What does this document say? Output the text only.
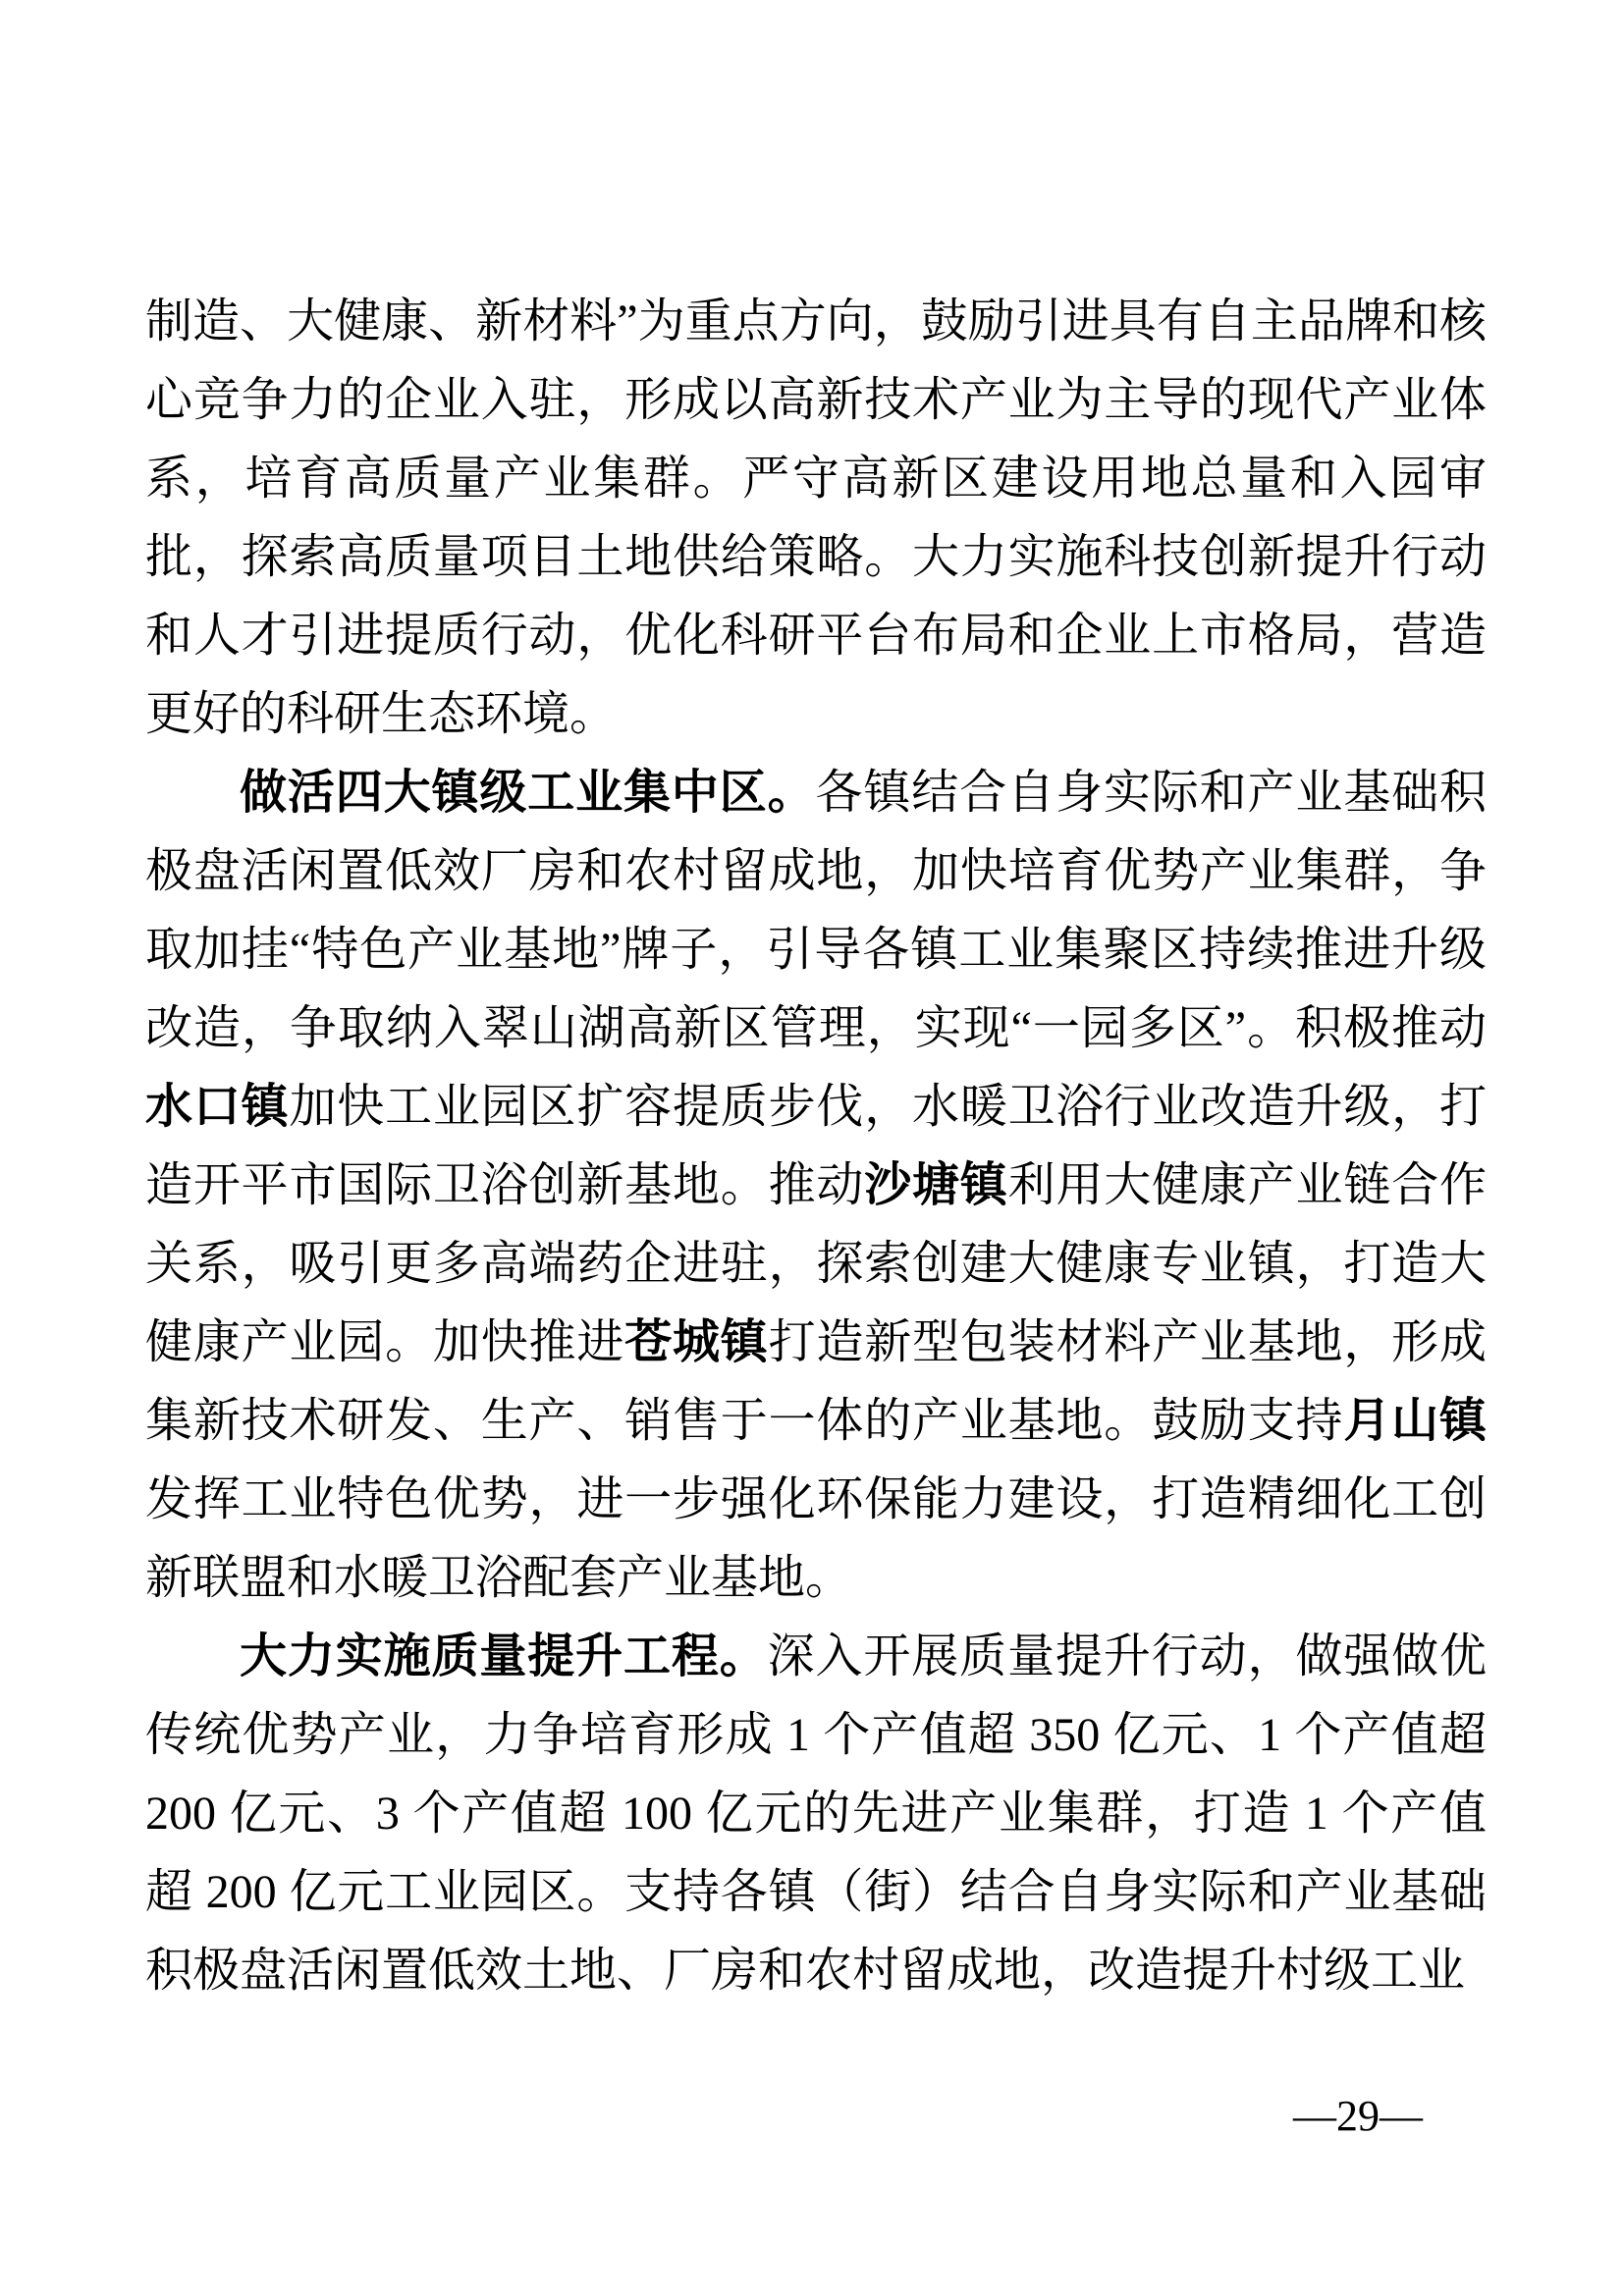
制造、大健康、新材料”为重点方向，鼓励引进具有自主品牌和核心竞争力的企业入驻，形成以高新技术产业为主导的现代产业体系，培育高质量产业集群。严守高新区建设用地总量和入园审批，探索高质量项目土地供给策略。大力实施科技创新提升行动和人才引进提质行动，优化科研平台布局和企业上市格局，营造更好的科研生态环境。

做活四大镇级工业集中区。各镇结合自身实际和产业基础积极盘活闲置低效厂房和农村留成地，加快培育优势产业集群，争取加挂“特色产业基地”牌子，引导各镇工业集聚区持续推进升级改造，争取纳入翠山湖高新区管理，实现“一园多区”。积极推动水口镇加快工业园区扩容提质步伐，水暖卫浴行业改造升级，打造开平市国际卫浴创新基地。推动沙塘镇利用大健康产业链合作关系，吸引更多高端药企进驻，探索创建大健康专业镇，打造大健康产业园。加快推进苍城镇打造新型包装材料产业基地，形成集新技术研发、生产、销售于一体的产业基地。鼓励支持月山镇发挥工业特色优势，进一步强化环保能力建设，打造精细化工创新联盟和水暖卫浴配套产业基地。

大力实施质量提升工程。深入开展质量提升行动，做强做优传统优势产业，力争培育形成 1 个产值超 350 亿元、1 个产值超 200 亿元、3 个产值超 100 亿元的先进产业集群，打造 1 个产值超 200 亿元工业园区。支持各镇（街）结合自身实际和产业基础积极盘活闲置低效土地、厂房和农村留成地，改造提升村级工业

—29—
